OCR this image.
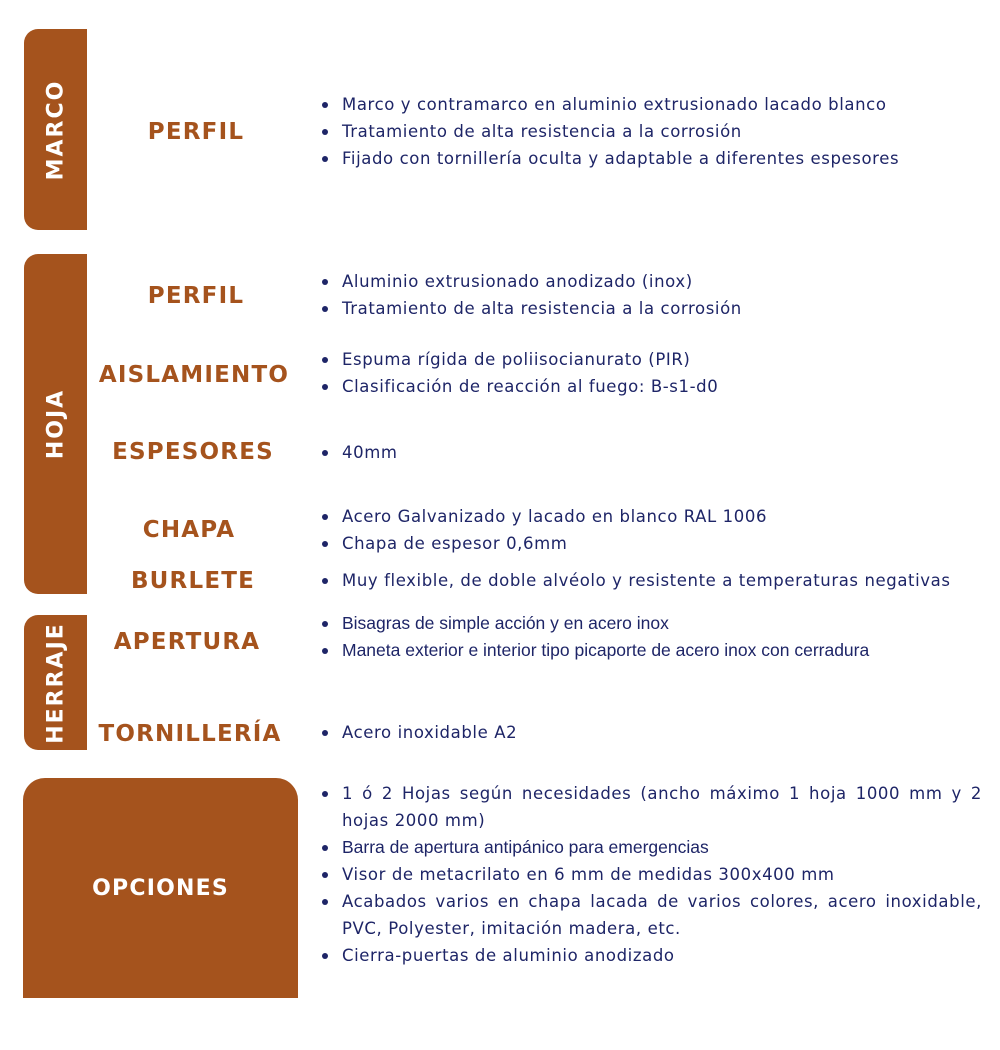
MARCO
HOJA
HERRAJE
PERFIL
PERFIL
AISLAMIENTO
ESPESORES
CHAPA
BURLETE
APERTURA
TORNILLERÍA
OPCIONES
Marco y contramarco en aluminio extrusionado lacado blanco
Tratamiento de alta resistencia a la corrosión
Fijado con tornillería oculta y adaptable a diferentes espesores
Aluminio extrusionado anodizado (inox)
Tratamiento de alta resistencia a la corrosión
Espuma rígida de poliisocianurato (PIR)
Clasificación de reacción al fuego: B-s1-d0
40mm
Acero Galvanizado y lacado en blanco RAL 1006
Chapa de espesor 0,6mm
Muy flexible, de doble alvéolo y resistente a temperaturas negativas
Bisagras de simple acción y en acero inox
Maneta exterior e interior tipo picaporte de acero inox con cerradura
Acero inoxidable A2
1 ó 2 Hojas según necesidades (ancho máximo 1 hoja 1000 mm y 2 hojas 2000 mm)
Barra de apertura antipánico para emergencias
Visor de metacrilato en 6 mm de medidas 300x400 mm
Acabados varios en chapa lacada de varios colores, acero inoxidable, PVC, Polyester, imitación madera, etc.
Cierra-puertas de aluminio anodizado
